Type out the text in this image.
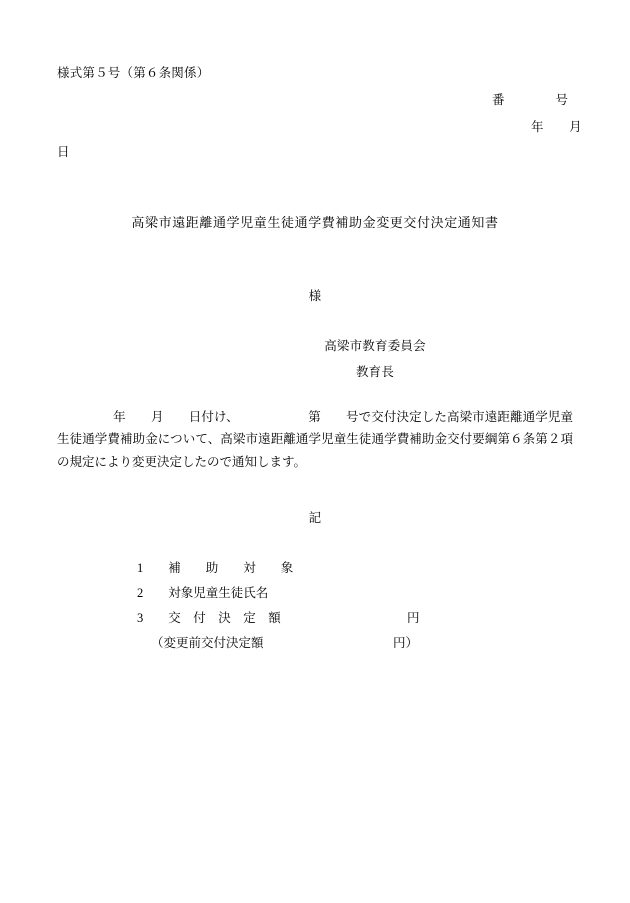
様式第５号（第６条関係）
番　　　　号
年　　月
日
高梁市遠距離通学児童生徒通学費補助金変更交付決定通知書
様
高梁市教育委員会
教育長
年　　月　　日付け、　　　　　　第　　号で交付決定した高梁市遠距離通学児童生徒通学費補助金について、高梁市遠距離通学児童生徒通学費補助金交付要綱第６条第２項の規定により変更決定したので通知します。
記
1　　 補　　助　　対　　象
2　　 対象児童生徒氏名
3　　 交　付　決　定　額	円
（変更前交付決定額	円）
